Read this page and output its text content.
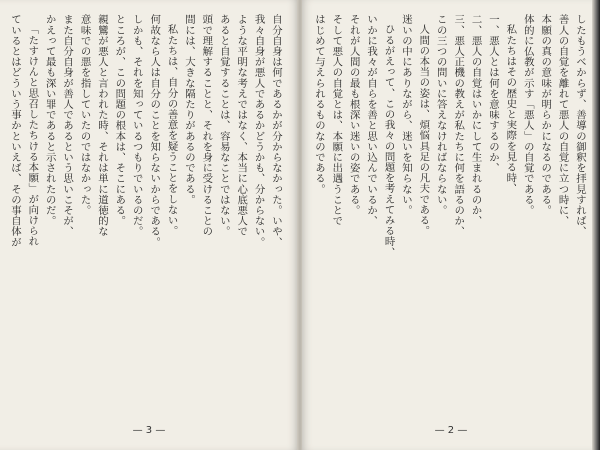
自分自身は何であるかが分からなかった。いや、
我々自身が悪人であるかどうかも、分からない。
ような平明な考えではなく、本当に心底悪人で
あると自覚することは、容易なことではない。
頭で理解することと、それを身に受けることの
間には、大きな隔たりがあるのである。
私たちは、自分の善意を疑うことをしない。
何故なら人は自分のことを知らないからである。
しかも、それを知っているつもりでいるのだ。
ところが、この問題の根本は、そこにある。
親鸞が悪人と言われた時、それは単に道徳的な
意味での悪を指していたのではなかった。
また自分自身が善人であるという思いこそが、
かえって最も深い罪であると示されたのだ。
「たすけんと思召したちける本願」が向けられ
ているとはどういう事かといえば、その事自体が
— 3 —
したもうべからず、善導の御釈を拝見すれば、
善人の自覚を離れて悪人の自覚に立つ時に、
本願の真の意味が明らかになるのである。
体的に仏教が示す「悪人」の自覚である。
私たちはその歴史と実際を見る時、
一、悪人とは何を意味するのか、
二、悪人の自覚はいかにして生まれるのか、
三、悪人正機の教えが私たちに何を語るのか、
この三つの問いに答えなければならない。
人間の本当の姿は、煩悩具足の凡夫である。
迷いの中にありながら、迷いを知らない。
ひるがえって、この我々の問題を考えてみる時、
いかに我々が自らを善と思い込んでいるか、
それが人間の最も根深い迷いの姿である。
そして悪人の自覚とは、本願に出遇うことで
はじめて与えられるものなのである。
— 2 —
